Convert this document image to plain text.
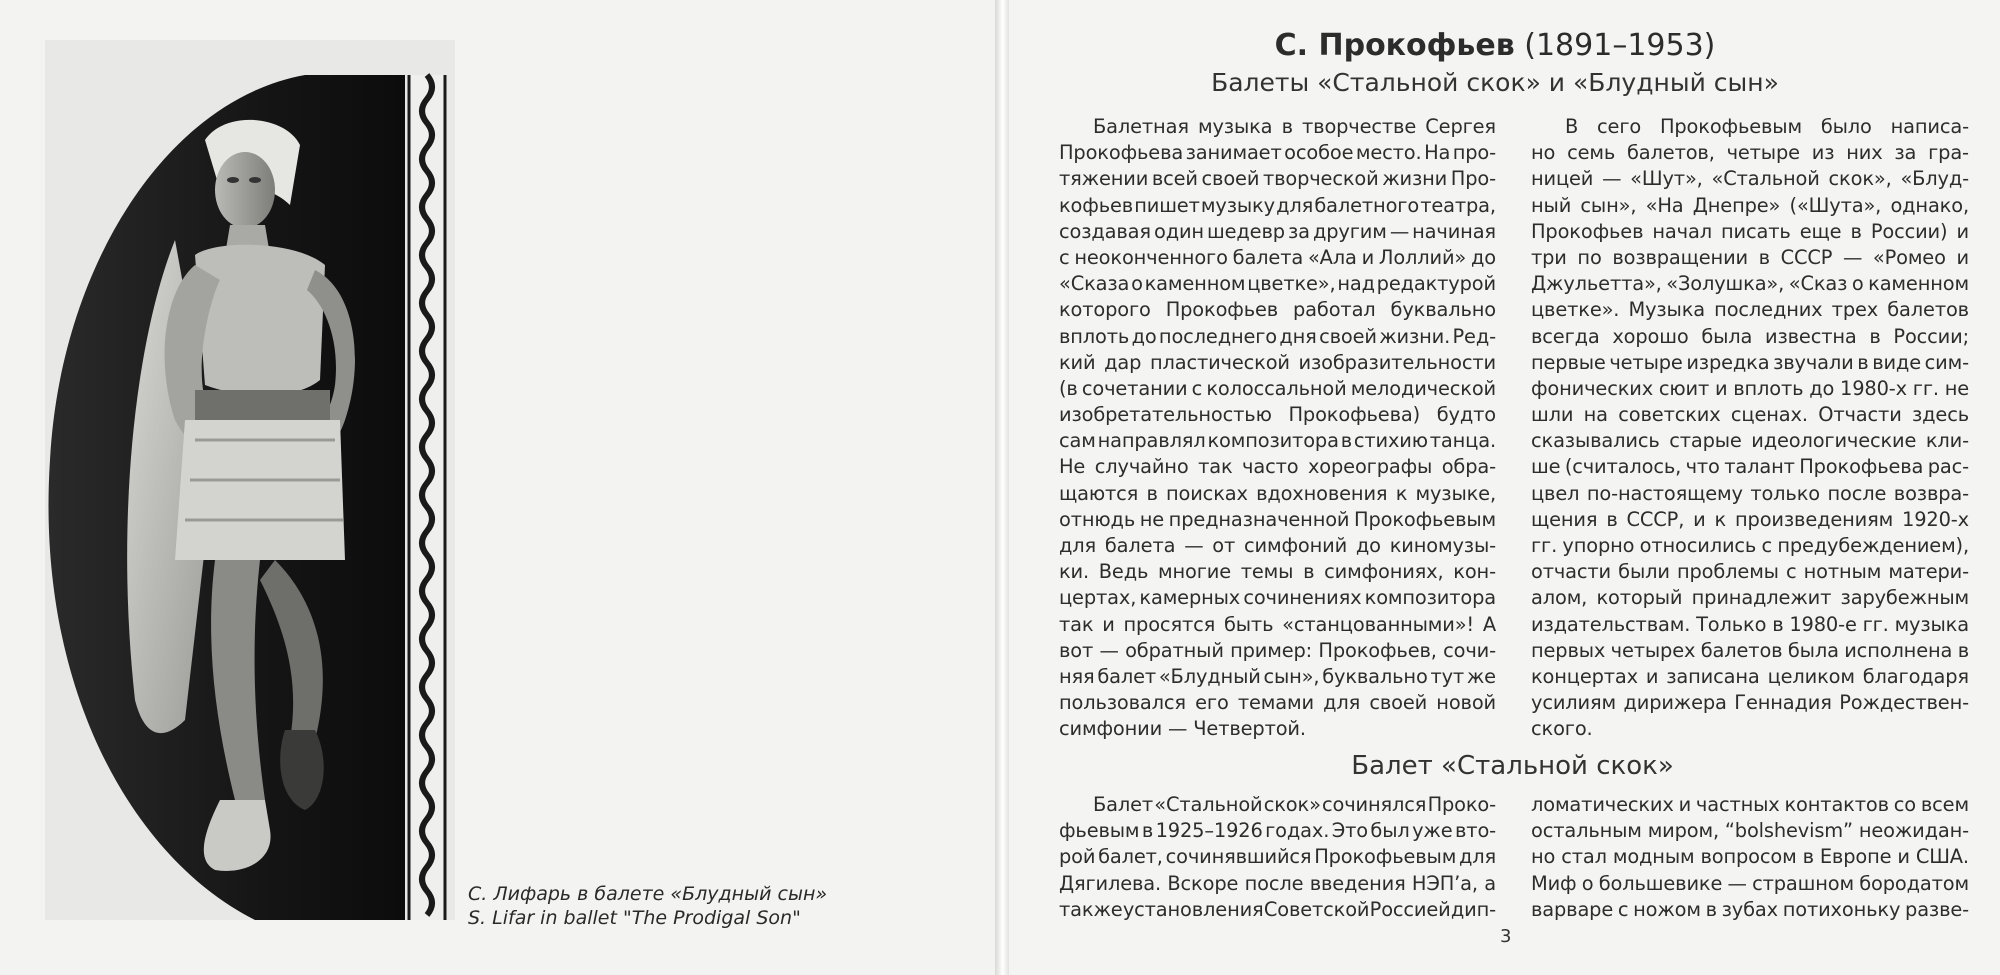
С. Лифарь в балете «Блудный сын»
S. Lifar in ballet "The Prodigal Son"
С. Прокофьев (1891–1953)
Балеты «Стальной скок» и «Блудный сын»
Балетная музыка в творчестве Сергея
Прокофьева занимает особое место. На про-
тяжении всей своей творческой жизни Про-
кофьев пишет музыку для балетного театра,
создавая один шедевр за другим — начиная
с неоконченного балета «Ала и Лоллий» до
«Сказа о каменном цветке», над редактурой
которого Прокофьев работал буквально
вплоть до последнего дня своей жизни. Ред-
кий дар пластической изобразительности
(в сочетании с колоссальной мелодической
изобретательностью Прокофьева) будто
сам направлял композитора в стихию танца.
Не случайно так часто хореографы обра-
щаются в поисках вдохновения к музыке,
отнюдь не предназначенной Прокофьевым
для балета — от симфоний до киномузы-
ки. Ведь многие темы в симфониях, кон-
цертах, камерных сочинениях композитора
так и просятся быть «станцованными»! А
вот — обратный пример: Прокофьев, сочи-
няя балет «Блудный сын», буквально тут же
пользовался его темами для своей новой
симфонии — Четвертой.
В сего Прокофьевым было написа-
но семь балетов, четыре из них за гра-
ницей — «Шут», «Стальной скок», «Блуд-
ный сын», «На Днепре» («Шута», однако,
Прокофьев начал писать еще в России) и
три по возвращении в СССР — «Ромео и
Джульетта», «Золушка», «Сказ о каменном
цветке». Музыка последних трех балетов
всегда хорошо была известна в России;
первые четыре изредка звучали в виде сим-
фонических сюит и вплоть до 1980-х гг. не
шли на советских сценах. Отчасти здесь
сказывались старые идеологические кли-
ше (считалось, что талант Прокофьева рас-
цвел по-настоящему только после возвра-
щения в СССР, и к произведениям 1920-х
гг. упорно относились с предубеждением),
отчасти были проблемы с нотным матери-
алом, который принадлежит зарубежным
издательствам. Только в 1980-е гг. музыка
первых четырех балетов была исполнена в
концертах и записана целиком благодаря
усилиям дирижера Геннадия Рождествен-
ского.
Балет «Стальной скок»
Балет «Стальной скок» сочинялся Проко-
фьевым в 1925–1926 годах. Это был уже вто-
рой балет, сочинявшийся Прокофьевым для
Дягилева. Вскоре после введения НЭП’а, а
также установления Советской Россией дип-
ломатических и частных контактов со всем
остальным миром, “bolshevism” неожидан-
но стал модным вопросом в Европе и США.
Миф о большевике — страшном бородатом
варваре с ножом в зубах потихоньку разве-
3
